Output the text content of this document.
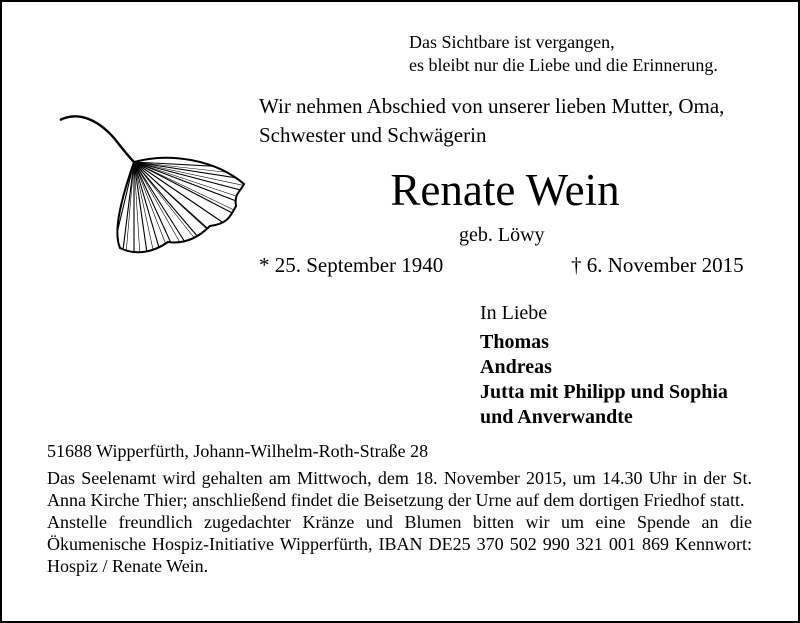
Das Sichtbare ist vergangen,
es bleibt nur die Liebe und die Erinnerung.
Wir nehmen Abschied von unserer lieben Mutter, Oma,
Schwester und Schwägerin
Renate Wein
geb. Löwy
* 25. September 1940	† 6. November 2015
In Liebe
Thomas
Andreas
Jutta mit Philipp und Sophia
und Anverwandte
51688 Wipperfürth, Johann-Wilhelm-Roth-Straße 28

Das Seelenamt wird gehalten am Mittwoch, dem 18. November 2015, um 14.30 Uhr in der St. Anna Kirche Thier; anschließend findet die Beisetzung der Urne auf dem dortigen Friedhof statt.

Anstelle freundlich zugedachter Kränze und Blumen bitten wir um eine Spende an die Ökumenische Hospiz-Initiative Wipperfürth, IBAN DE25 370 502 990 321 001 869 Kennwort: Hospiz / Renate Wein.
